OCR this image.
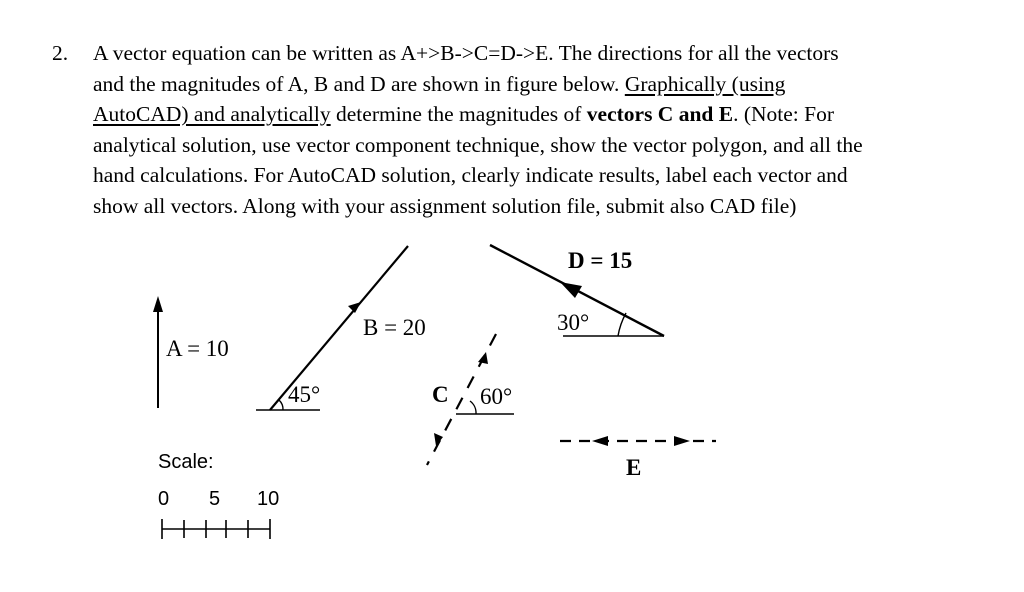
2. A vector equation can be written as A+>B->C=D->E. The directions for all the vectors
and the magnitudes of A, B and D are shown in figure below. Graphically (using
AutoCAD) and analytically determine the magnitudes of vectors C and E. (Note: For
analytical solution, use vector component technique, show the vector polygon, and all the
hand calculations. For AutoCAD solution, clearly indicate results, label each vector and
show all vectors. Along with your assignment solution file, submit also CAD file)
A = 10
45°
B = 20
C 60°
30°
D = 15
E
Scale:
0 5 10
